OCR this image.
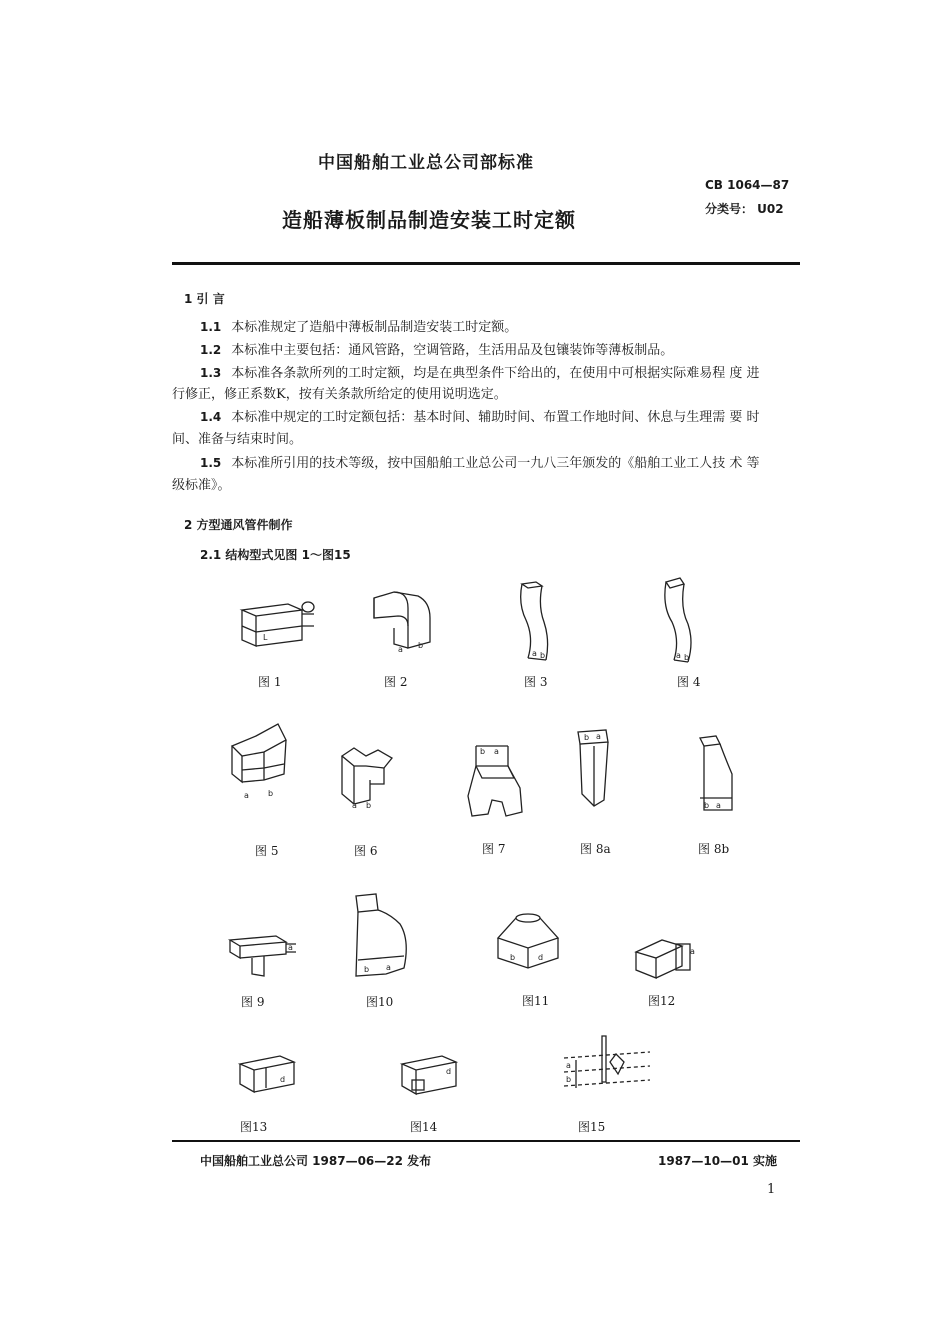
中国船舶工业总公司部标准
造船薄板制品制造安装工时定额
CB 1064—87
分类号： U02
1 引 言
1.1 本标准规定了造船中薄板制品制造安装工时定额。
1.2 本标准中主要包括：通风管路，空调管路，生活用品及包镶装饰等薄板制品。
1.3 本标准各条款所列的工时定额，均是在典型条件下给出的，在使用中可根据实际难易程 度 进
行修正，修正系数K，按有关条款所给定的使用说明选定。
1.4 本标准中规定的工时定额包括：基本时间、辅助时间、布置工作地时间、休息与生理需 要 时
间、准备与结束时间。
1.5 本标准所引用的技术等级，按中国船舶工业总公司一九八三年颁发的《船舶工业工人技 术 等
级标准》。
2 方型通风管件制作
2.1 结构型式见图 1～图15
L
a b
a b	a b
图 1	图 2	图 3	图 4
a b
a b
b a
b a
b a
图 5	图 6	图 7	图 8a	图 8b
a
b a
b	d
a
图 9	图10	图11	图12
d
d
a
b
图13	图14	图15
中国船舶工业总公司 1987—06—22 发布	1987—10—01 实施
1
